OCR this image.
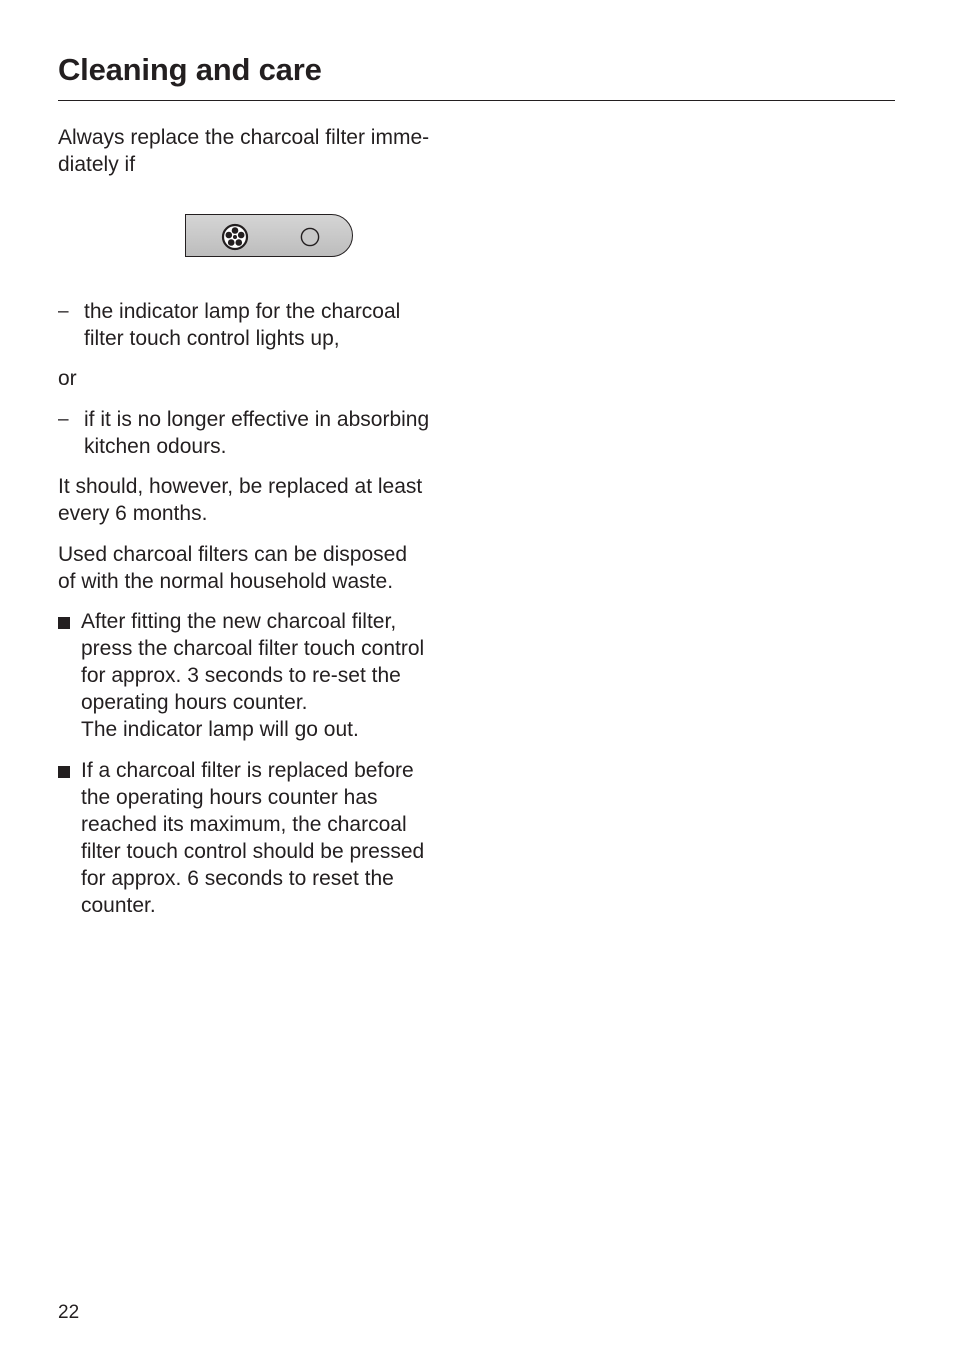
Cleaning and care
Always replace the charcoal filter imme-
diately if
– the indicator lamp for the charcoal
filter touch control lights up,
or
– if it is no longer effective in absorbing
kitchen odours.
It should, however, be replaced at least
every 6 months.
Used charcoal filters can be disposed
of with the normal household waste.
After fitting the new charcoal filter,
press the charcoal filter touch control
for approx. 3 seconds to re-set the
operating hours counter.
The indicator lamp will go out.
If a charcoal filter is replaced before
the operating hours counter has
reached its maximum, the charcoal
filter touch control should be pressed
for approx. 6 seconds to reset the
counter.
22
